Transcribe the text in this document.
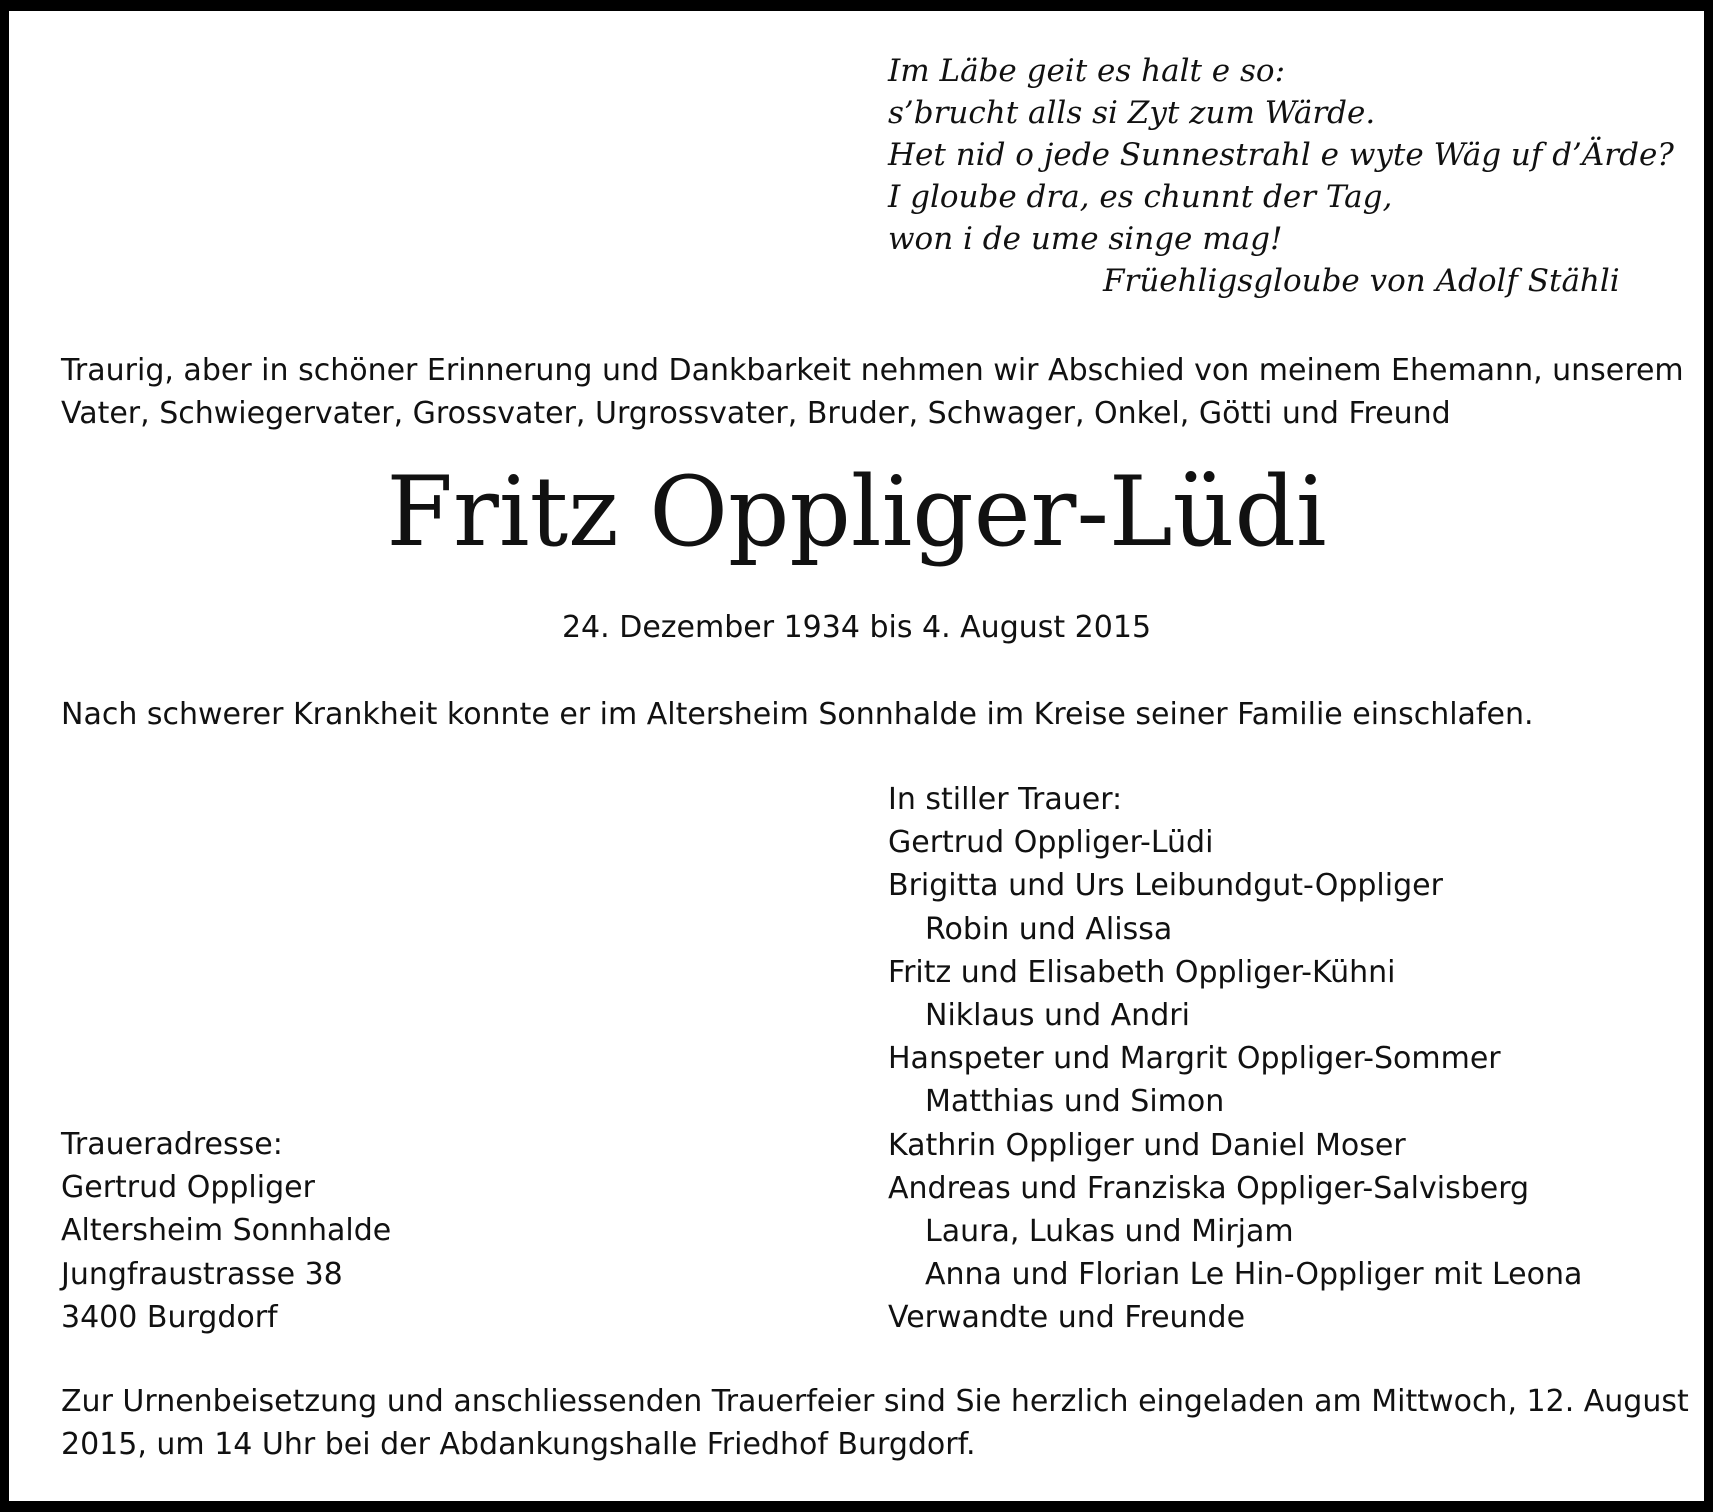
Im Läbe geit es halt e so:
s’brucht alls si Zyt zum Wärde.
Het nid o jede Sunnestrahl e wyte Wäg uf d’Ärde?
I gloube dra, es chunnt der Tag,
won i de ume singe mag!
Früehligsgloube von Adolf Stähli
Traurig, aber in schöner Erinnerung und Dankbarkeit nehmen wir Abschied von meinem Ehemann, unserem
Vater, Schwiegervater, Grossvater, Urgrossvater, Bruder, Schwager, Onkel, Götti und Freund
Fritz Oppliger-Lüdi
24. Dezember 1934 bis 4. August 2015
Nach schwerer Krankheit konnte er im Altersheim Sonnhalde im Kreise seiner Familie einschlafen.
In stiller Trauer:
Gertrud Oppliger-Lüdi
Brigitta und Urs Leibundgut-Oppliger
Robin und Alissa
Fritz und Elisabeth Oppliger-Kühni
Niklaus und Andri
Hanspeter und Margrit Oppliger-Sommer
Matthias und Simon
Kathrin Oppliger und Daniel Moser
Andreas und Franziska Oppliger-Salvisberg
Laura, Lukas und Mirjam
Anna und Florian Le Hin-Oppliger mit Leona
Verwandte und Freunde
Traueradresse:
Gertrud Oppliger
Altersheim Sonnhalde
Jungfraustrasse 38
3400 Burgdorf
Zur Urnenbeisetzung und anschliessenden Trauerfeier sind Sie herzlich eingeladen am Mittwoch, 12. August
2015, um 14 Uhr bei der Abdankungshalle Friedhof Burgdorf.
